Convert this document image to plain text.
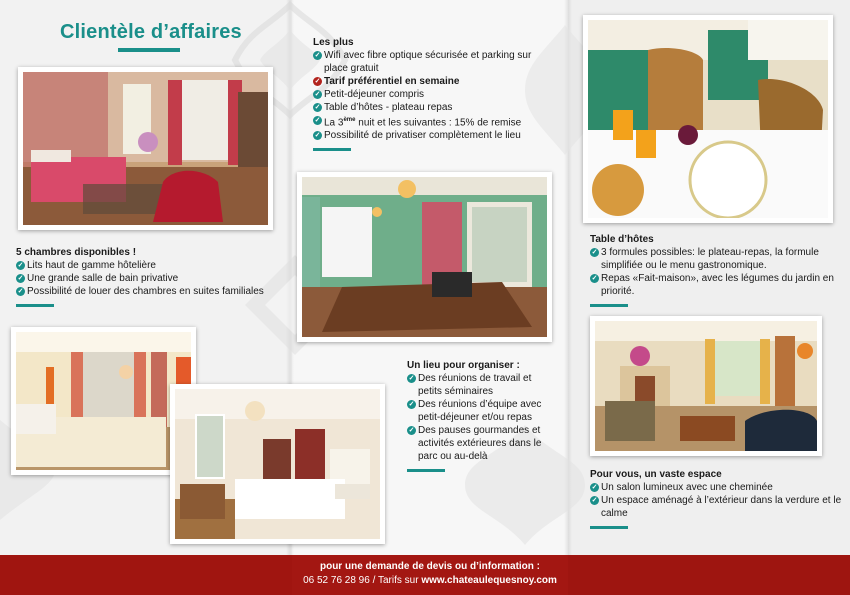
Clientèle d’affaires
5 chambres disponibles !
✓ Lits haut de gamme hôtelière
✓ Une grande salle de bain privative
✓ Possibilité de louer des chambres en suites familiales
Les plus
✓ Wifi avec fibre optique sécurisée et parking sur place gratuit
✓ Tarif préférentiel en semaine
✓ Petit-déjeuner compris
✓ Table d’hôtes - plateau repas
✓ La 3ème nuit et les suivantes : 15% de remise
✓ Possibilité de privatiser complètement le lieu
Un lieu pour organiser :
✓ Des réunions de travail et petits séminaires
✓ Des réunions d’équipe avec petit-déjeuner et/ou repas
✓ Des pauses gourmandes et activités extérieures dans le parc ou au-delà
Table d’hôtes
✓ 3 formules possibles: le plateau-repas, la formule simplifiée ou le menu gastronomique.
✓ Repas «Fait-maison», avec les légumes du jardin en priorité.
Pour vous, un vaste espace
✓ Un salon lumineux avec une cheminée
✓ Un espace aménagé à l’extérieur dans la verdure et le calme
pour une demande de devis ou d’information :
06 52 76 28 96 / Tarifs sur www.chateaulequesnoy.com
